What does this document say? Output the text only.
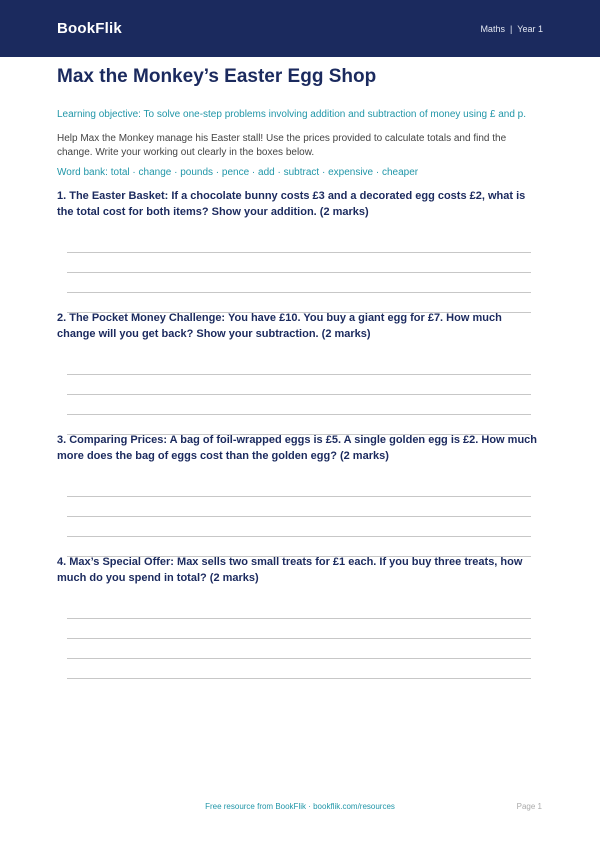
BookFlik	Maths | Year 1
Max the Monkey’s Easter Egg Shop

Learning objective: To solve one-step problems involving addition and subtraction of money using £ and p.

Help Max the Monkey manage his Easter stall! Use the prices provided to calculate totals and find the change. Write your working out clearly in the boxes below.

Word bank: total · change · pounds · pence · add · subtract · expensive · cheaper

1. The Easter Basket: If a chocolate bunny costs £3 and a decorated egg costs £2, what is the total cost for both items? Show your addition. (2 marks)

2. The Pocket Money Challenge: You have £10. You buy a giant egg for £7. How much change will you get back? Show your subtraction. (2 marks)

3. Comparing Prices: A bag of foil-wrapped eggs is £5. A single golden egg is £2. How much more does the bag of eggs cost than the golden egg? (2 marks)

4. Max’s Special Offer: Max sells two small treats for £1 each. If you buy three treats, how much do you spend in total? (2 marks)

Free resource from BookFlik · bookflik.com/resources	Page 1
